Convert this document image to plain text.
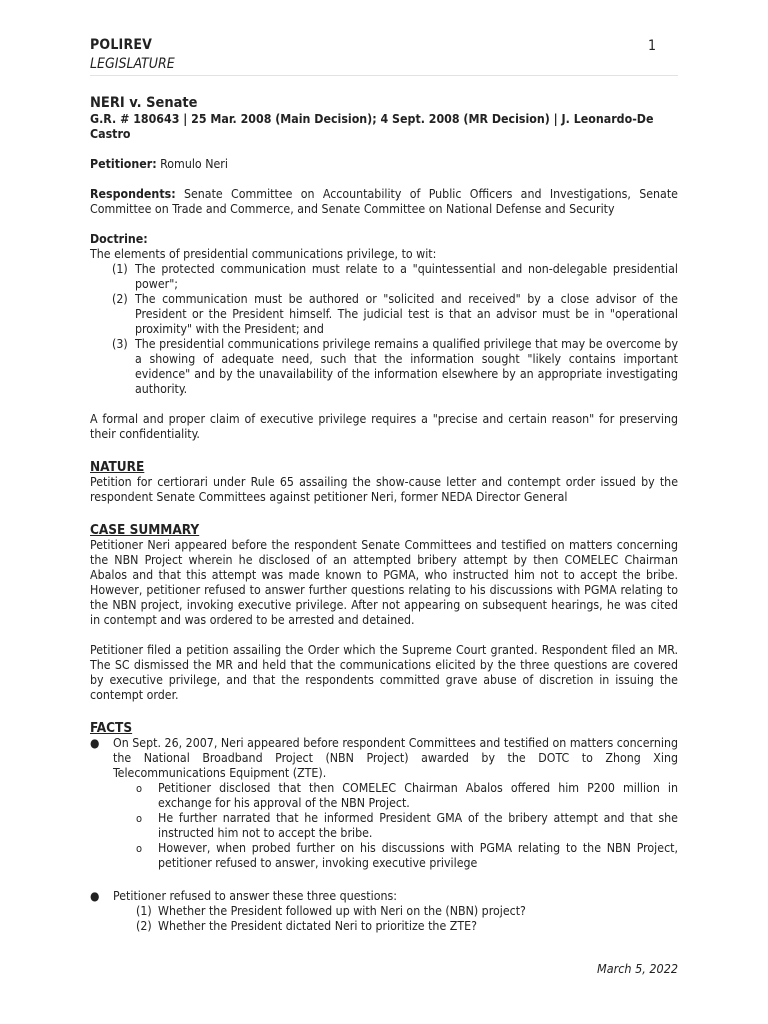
POLIREV
LEGISLATURE
1
NERI v. Senate
G.R. # 180643 | 25 Mar. 2008 (Main Decision); 4 Sept. 2008 (MR Decision) | J. Leonardo-De Castro

Petitioner: Romulo Neri

Respondents: Senate Committee on Accountability of Public Officers and Investigations, Senate Committee on Trade and Commerce, and Senate Committee on National Defense and Security

Doctrine:

The elements of presidential communications privilege, to wit:

(1) The protected communication must relate to a "quintessential and non-delegable presidential power";
(2) The communication must be authored or "solicited and received" by a close advisor of the President or the President himself. The judicial test is that an advisor must be in "operational proximity" with the President; and
(3) The presidential communications privilege remains a qualified privilege that may be overcome by a showing of adequate need, such that the information sought "likely contains important evidence" and by the unavailability of the information elsewhere by an appropriate investigating authority.

A formal and proper claim of executive privilege requires a "precise and certain reason" for preserving their confidentiality.

NATURE

Petition for certiorari under Rule 65 assailing the show-cause letter and contempt order issued by the respondent Senate Committees against petitioner Neri, former NEDA Director General

CASE SUMMARY

Petitioner Neri appeared before the respondent Senate Committees and testified on matters concerning the NBN Project wherein he disclosed of an attempted bribery attempt by then COMELEC Chairman Abalos and that this attempt was made known to PGMA, who instructed him not to accept the bribe. However, petitioner refused to answer further questions relating to his discussions with PGMA relating to the NBN project, invoking executive privilege. After not appearing on subsequent hearings, he was cited in contempt and was ordered to be arrested and detained.

Petitioner filed a petition assailing the Order which the Supreme Court granted. Respondent filed an MR. The SC dismissed the MR and held that the communications elicited by the three questions are covered by executive privilege, and that the respondents committed grave abuse of discretion in issuing the contempt order.

FACTS
● On Sept. 26, 2007, Neri appeared before respondent Committees and testified on matters concerning the National Broadband Project (NBN Project) awarded by the DOTC to Zhong Xing Telecommunications Equipment (ZTE).
o Petitioner disclosed that then COMELEC Chairman Abalos offered him P200 million in exchange for his approval of the NBN Project.
o He further narrated that he informed President GMA of the bribery attempt and that she instructed him not to accept the bribe.
o However, when probed further on his discussions with PGMA relating to the NBN Project, petitioner refused to answer, invoking executive privilege
● Petitioner refused to answer these three questions:
(1) Whether the President followed up with Neri on the (NBN) project?
(2) Whether the President dictated Neri to prioritize the ZTE?
March 5, 2022
